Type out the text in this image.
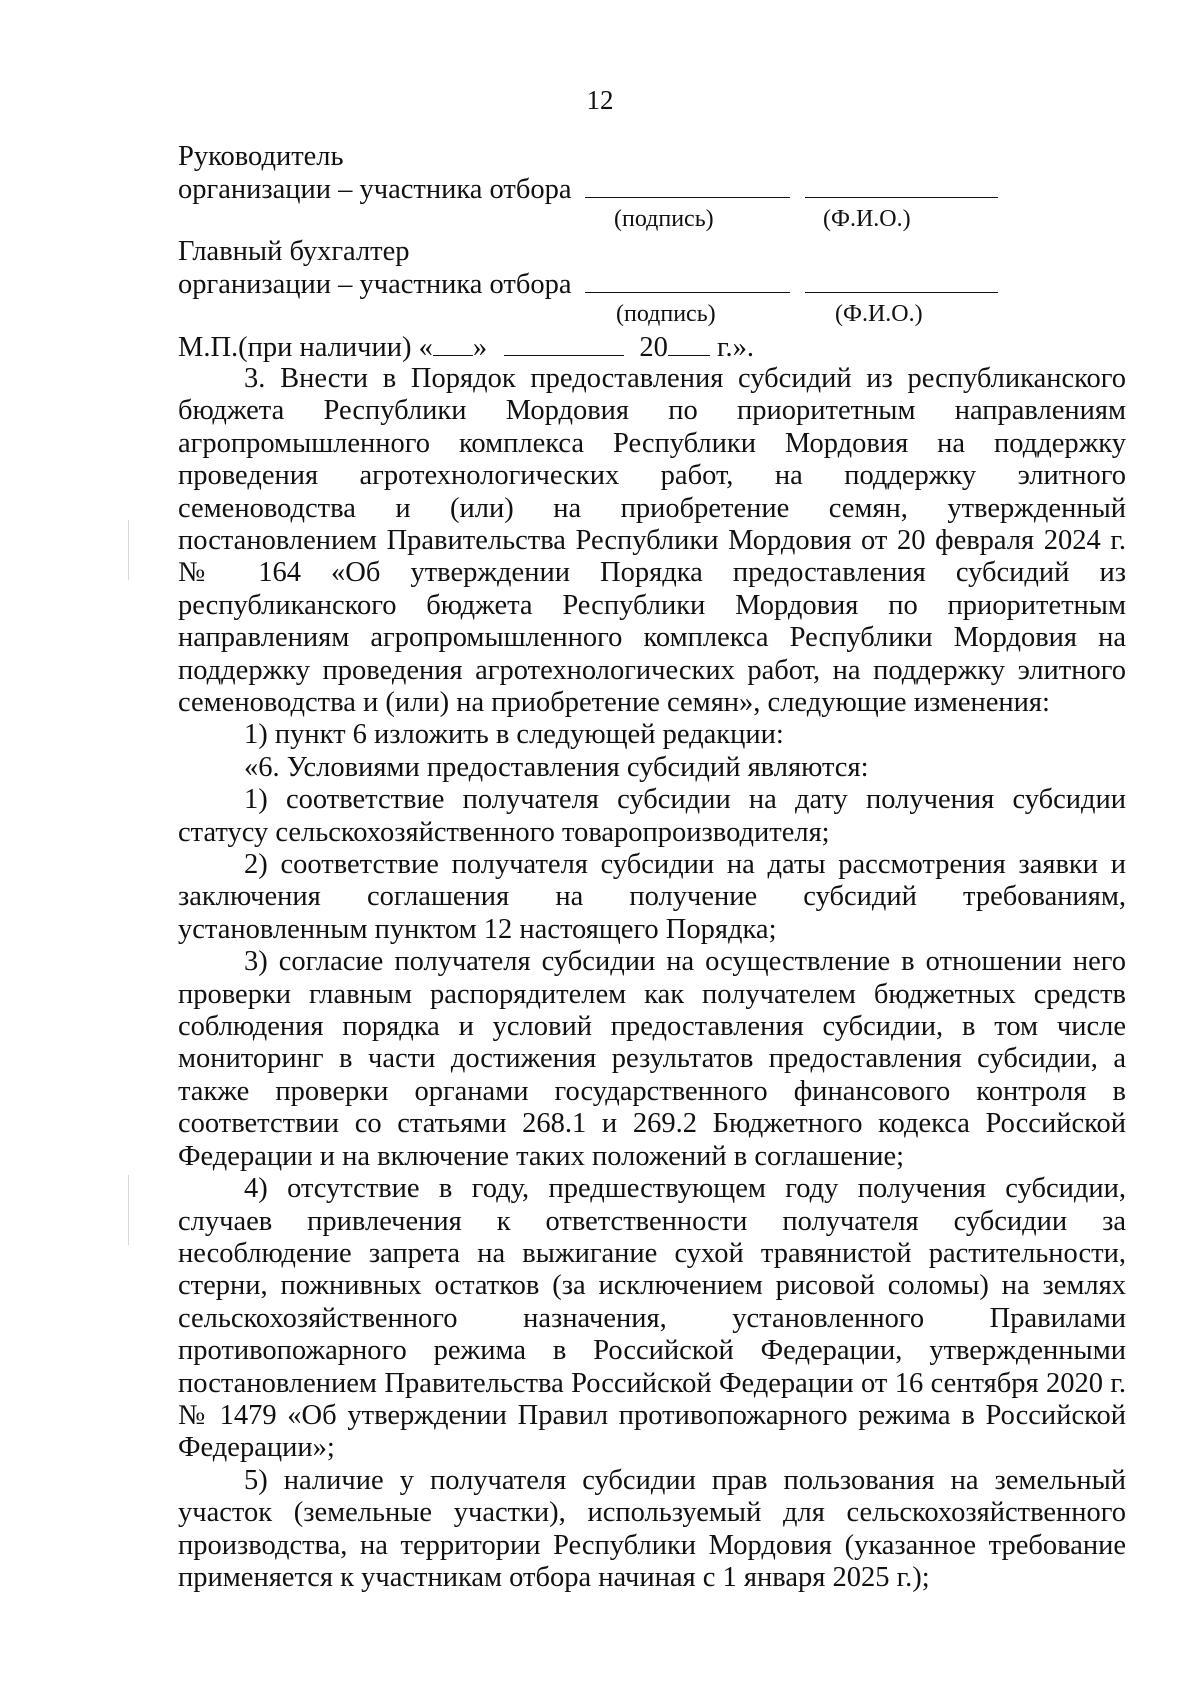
12
Руководитель
организации – участника отбора
(подпись)	(Ф.И.О.)
Главный бухгалтер
организации – участника отбора
(подпись)	(Ф.И.О.)
М.П.(при наличии) « »	20 г.».

3. Внести в Порядок предоставления субсидий из республиканского бюджета Республики Мордовия по приоритетным направлениям агропромышленного комплекса Республики Мордовия на поддержку проведения агротехнологических работ, на поддержку элитного семеноводства и (или) на приобретение семян, утвержденный постановлением Правительства Республики Мордовия от 20 февраля 2024 г. № 164 «Об утверждении Порядка предоставления субсидий из республиканского бюджета Республики Мордовия по приоритетным направлениям агропромышленного комплекса Республики Мордовия на поддержку проведения агротехнологических работ, на поддержку элитного семеноводства и (или) на приобретение семян», следующие изменения:

1) пункт 6 изложить в следующей редакции:

«6. Условиями предоставления субсидий являются:

1) соответствие получателя субсидии на дату получения субсидии статусу сельскохозяйственного товаропроизводителя;

2) соответствие получателя субсидии на даты рассмотрения заявки и заключения соглашения на получение субсидий требованиям, установленным пунктом 12 настоящего Порядка;

3) согласие получателя субсидии на осуществление в отношении него проверки главным распорядителем как получателем бюджетных средств соблюдения порядка и условий предоставления субсидии, в том числе мониторинг в части достижения результатов предоставления субсидии, а также проверки органами государственного финансового контроля в соответствии со статьями 268.1 и 269.2 Бюджетного кодекса Российской Федерации и на включение таких положений в соглашение;

4) отсутствие в году, предшествующем году получения субсидии, случаев привлечения к ответственности получателя субсидии за несоблюдение запрета на выжигание сухой травянистой растительности, стерни, пожнивных остатков (за исключением рисовой соломы) на землях сельскохозяйственного назначения, установленного Правилами противопожарного режима в Российской Федерации, утвержденными постановлением Правительства Российской Федерации от 16 сентября 2020 г. № 1479 «Об утверждении Правил противопожарного режима в Российской Федерации»;

5) наличие у получателя субсидии прав пользования на земельный участок (земельные участки), используемый для сельскохозяйственного производства, на территории Республики Мордовия (указанное требование применяется к участникам отбора начиная с 1 января 2025 г.);
